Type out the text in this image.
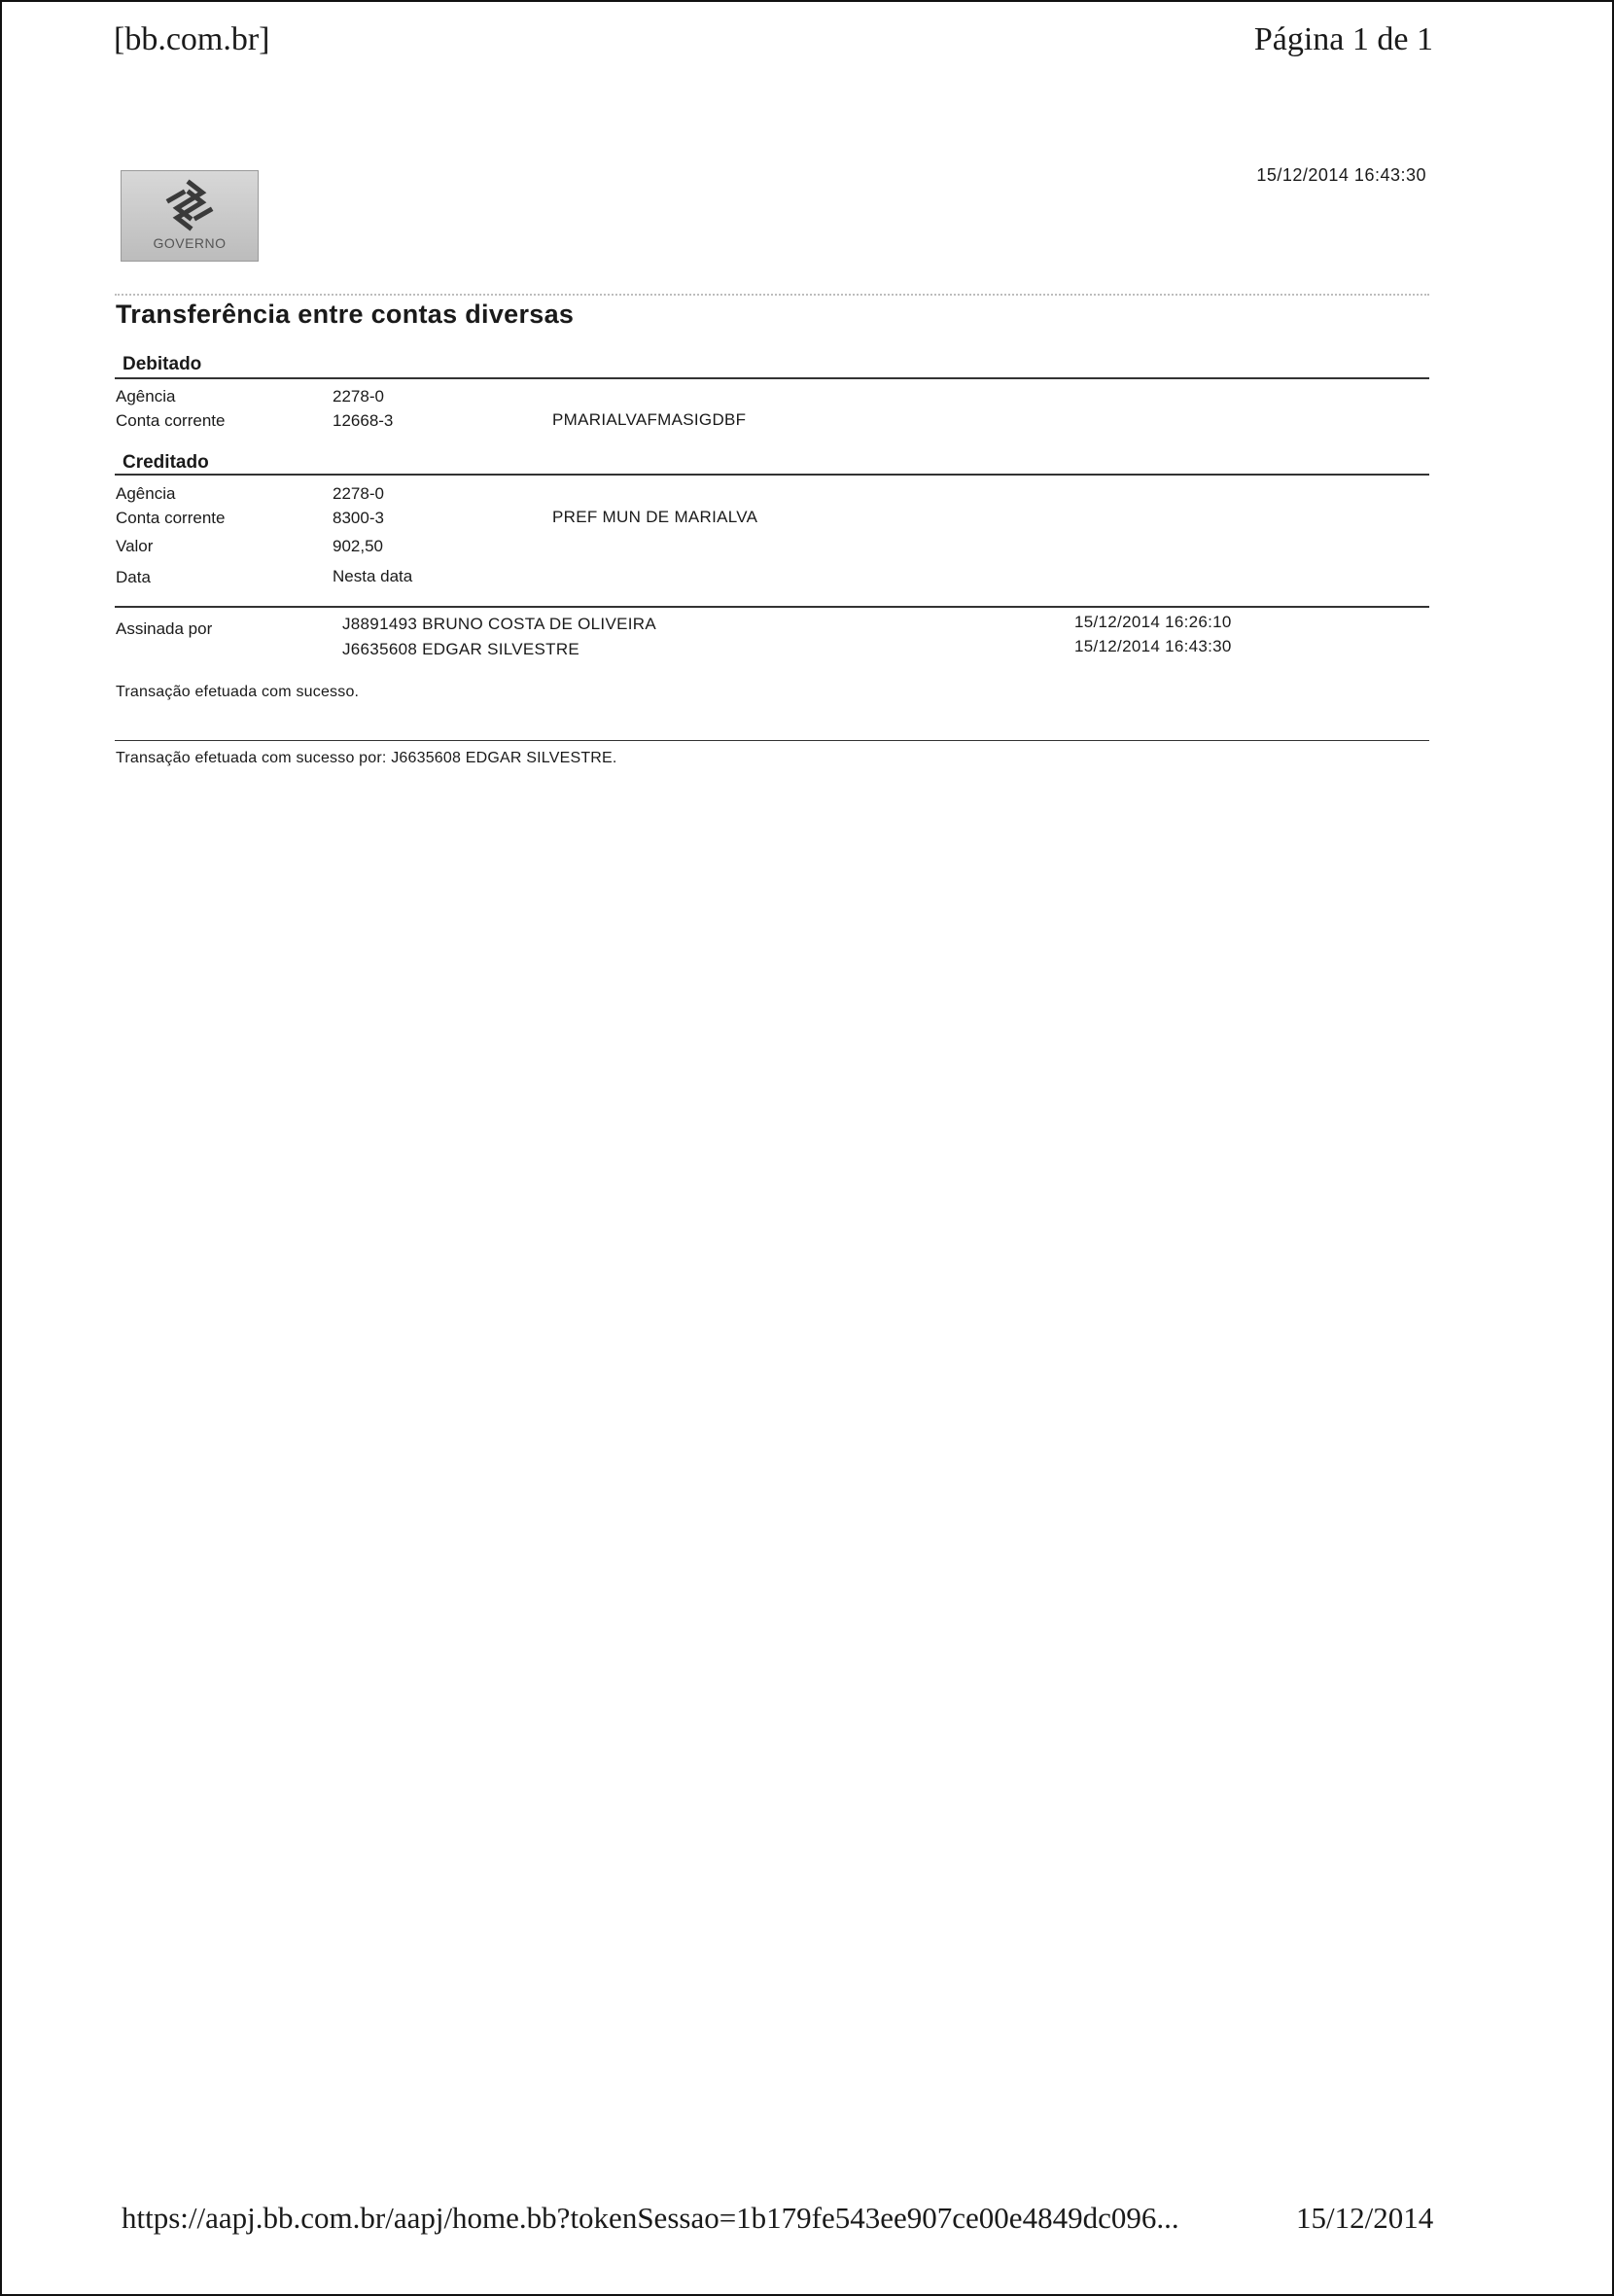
[bb.com.br]	Página 1 de 1
15/12/2014 16:43:30
GOVERNO
Transferência entre contas diversas
Debitado
Agência	2278-0
Conta corrente	12668-3	PMARIALVAFMASIGDBF
Creditado
Agência	2278-0
Conta corrente	8300-3	PREF MUN DE MARIALVA
Valor	902,50
Data	Nesta data
Assinada por	J8891493 BRUNO COSTA DE OLIVEIRA	15/12/2014 16:26:10
J6635608 EDGAR SILVESTRE	15/12/2014 16:43:30
Transação efetuada com sucesso.
Transação efetuada com sucesso por: J6635608 EDGAR SILVESTRE.
https://aapj.bb.com.br/aapj/home.bb?tokenSessao=1b179fe543ee907ce00e4849dc096...	15/12/2014
